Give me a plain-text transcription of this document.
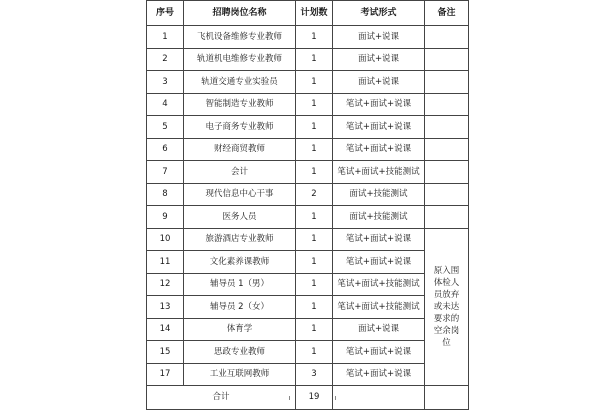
序号	招聘岗位名称	计划数	考试形式	备注
1	飞机设备维修专业教师	1	面试+说课	
2	轨道机电维修专业教师	1	面试+说课	
3	轨道交通专业实验员	1	面试+说课	
4	智能制造专业教师	1	笔试+面试+说课	
5	电子商务专业教师	1	笔试+面试+说课	
6	财经商贸教师	1	笔试+面试+说课	
7	会计	1	笔试+面试+技能测试	
8	现代信息中心干事	2	面试+技能测试	
9	医务人员	1	面试+技能测试	
10	旅游酒店专业教师	1	笔试+面试+说课	原入围体检人员放弃或未达要求的空余岗位
11	文化素养课教师	1	笔试+面试+说课	
12	辅导员 1（男）	1	笔试+面试+技能测试	
13	辅导员 2（女）	1	笔试+面试+技能测试	
14	体育学	1	面试+说课	
15	思政专业教师	1	笔试+面试+说课	
17	工业互联网教师	3	笔试+面试+说课	
合计		19		
